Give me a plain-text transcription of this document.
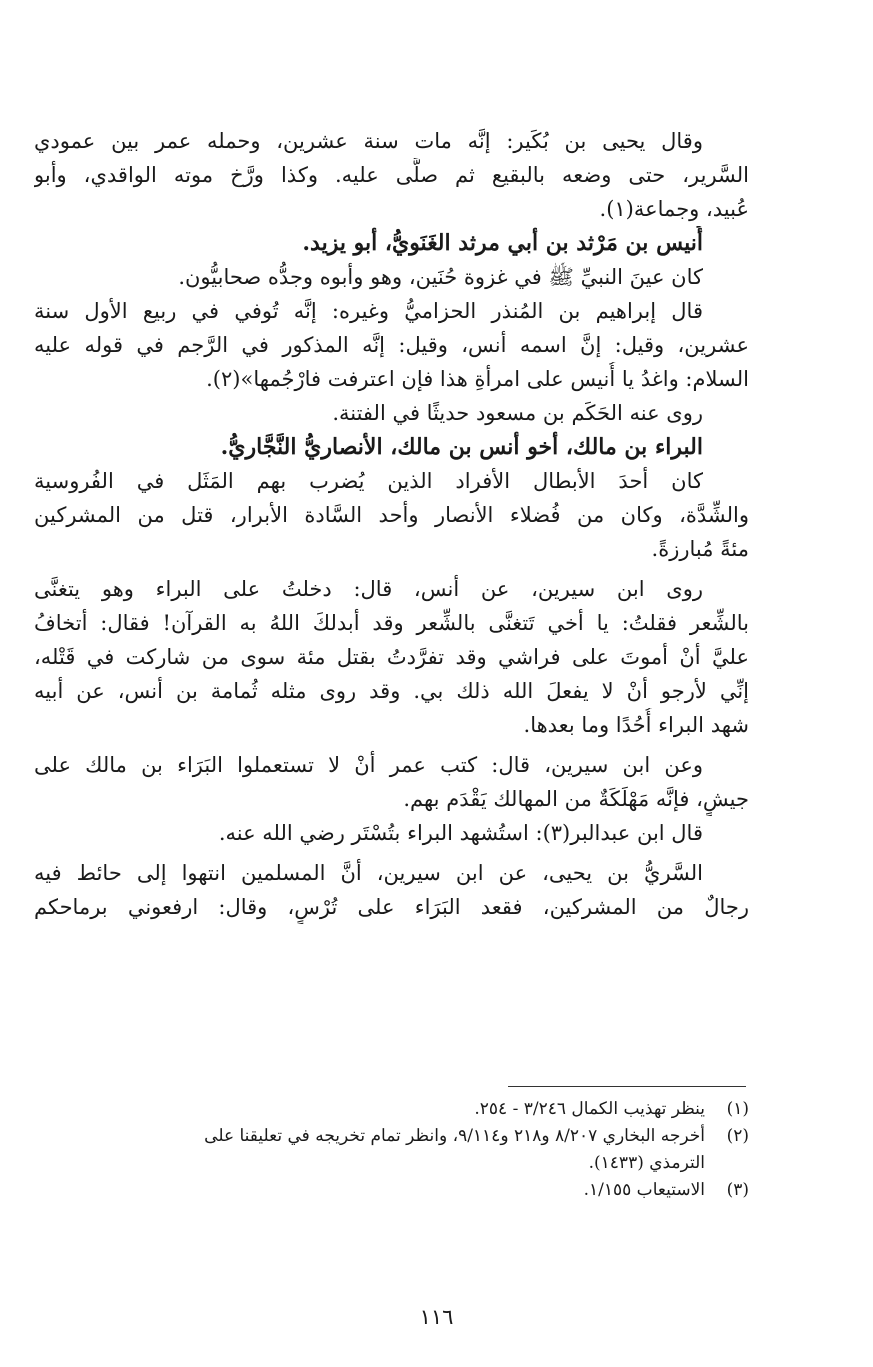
وقال يحيى بن بُكَير: إنَّه مات سنة عشرين، وحمله عمر بين عمودي
السَّرير، حتى وضعه بالبقيع ثم صلَّى عليه. وكذا ورَّخ موته الواقدي، وأبو
عُبيد، وجماعة(١).
أُنيس بن مَرْثد بن أبي مرثد الغَنَويُّ، أبو يزيد.
كان عينَ النبيِّ ﷺ في غزوة حُنَين، وهو وأبوه وجدُّه صحابيُّون.
قال إبراهيم بن المُنذر الحزاميُّ وغيره: إنَّه تُوفي في ربيع الأول سنة
عشرين، وقيل: إنَّ اسمه أنس، وقيل: إنَّه المذكور في الرَّجم في قوله عليه
السلام: واغدُ يا أُنيس على امرأةِ هذا فإن اعترفت فارْجُمها»(٢).
روى عنه الحَكَم بن مسعود حديثًا في الفتنة.
البراء بن مالك، أخو أنس بن مالك، الأنصاريُّ النَّجَّاريُّ.
كان أحدَ الأبطال الأفراد الذين يُضرب بهم المَثَل في الفُروسية
والشِّدَّة، وكان من فُضلاء الأنصار وأحد السَّادة الأبرار، قتل من المشركين
مئةً مُبارزةً.
روى ابن سيرين، عن أنس، قال: دخلتُ على البراء وهو يتغنَّى
بالشِّعر فقلتُ: يا أخي تَتغنَّى بالشِّعر وقد أبدلكَ اللهُ به القرآن! فقال: أتخافُ
عليَّ أنْ أموتَ على فراشي وقد تفرَّدتُ بقتل مئة سوى من شاركت في قَتْله،
إنِّي لأرجو أنْ لا يفعلَ الله ذلك بي. وقد روى مثله ثُمامة بن أنس، عن أبيه
شهد البراء أُحُدًا وما بعدها.
وعن ابن سيرين، قال: كتب عمر أنْ لا تستعملوا البَرَاء بن مالك على
جيشٍ، فإنَّه مَهْلَكَةٌ من المهالك يَقْدَم بهم.
قال ابن عبدالبر(٣): استُشهد البراء بتُسْتَر رضي الله عنه.
السَّريُّ بن يحيى، عن ابن سيرين، أنَّ المسلمين انتهوا إلى حائط فيه
رجالٌ من المشركين، فقعد البَرَاء على تُرْسٍ، وقال: ارفعوني برماحكم
(١)ينظر تهذيب الكمال ٣/٢٤٦ - ٢٥٤.
(٢)أخرجه البخاري ٨/٢٠٧ و٢١٨ و٩/١١٤، وانظر تمام تخريجه في تعليقنا على
الترمذي (١٤٣٣).
(٣)الاستيعاب ١/١٥٥.
١١٦
